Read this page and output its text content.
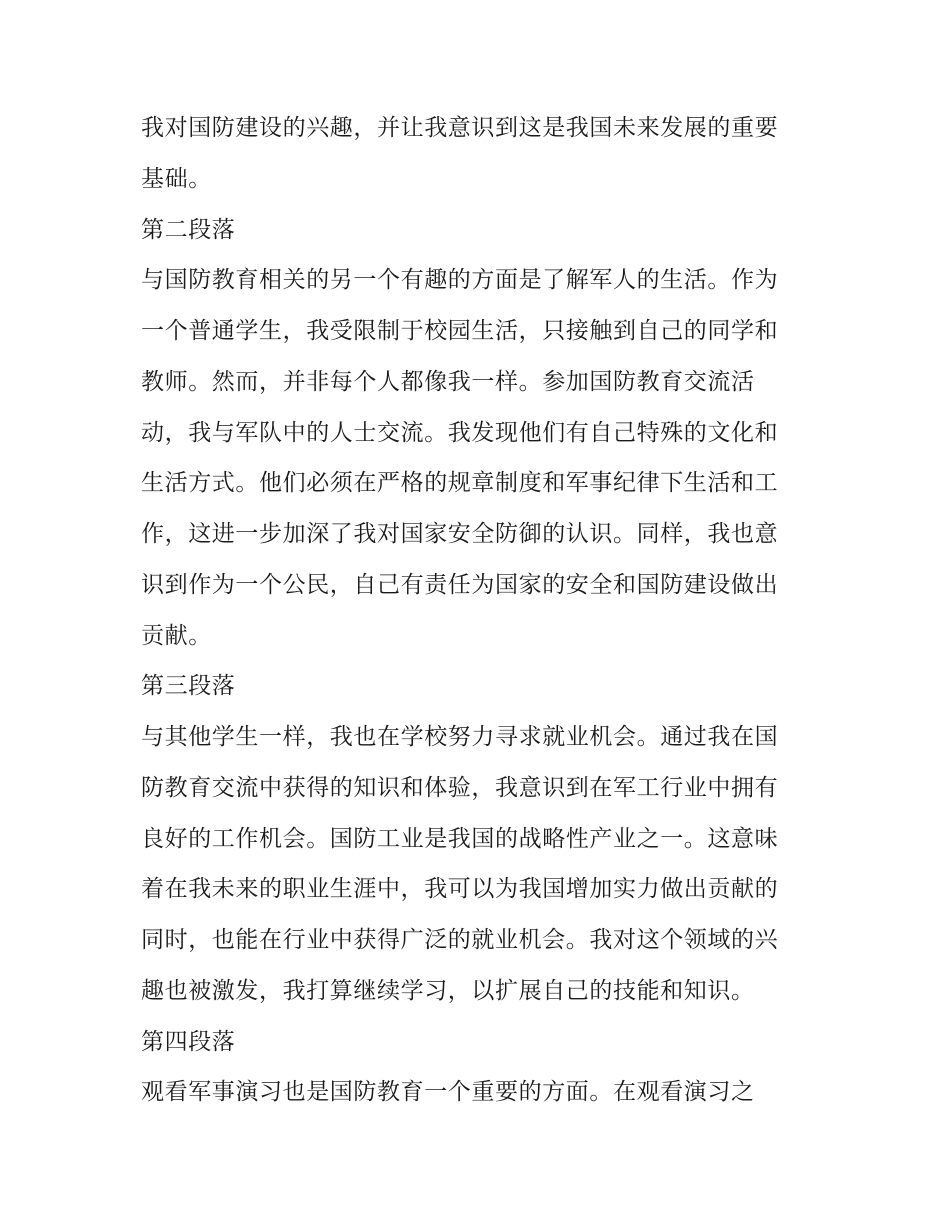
我对国防建设的兴趣，并让我意识到这是我国未来发展的重要
基础。
第二段落
与国防教育相关的另一个有趣的方面是了解军人的生活。作为
一个普通学生，我受限制于校园生活，只接触到自己的同学和
教师。然而，并非每个人都像我一样。参加国防教育交流活
动，我与军队中的人士交流。我发现他们有自己特殊的文化和
生活方式。他们必须在严格的规章制度和军事纪律下生活和工
作，这进一步加深了我对国家安全防御的认识。同样，我也意
识到作为一个公民，自己有责任为国家的安全和国防建设做出
贡献。
第三段落
与其他学生一样，我也在学校努力寻求就业机会。通过我在国
防教育交流中获得的知识和体验，我意识到在军工行业中拥有
良好的工作机会。国防工业是我国的战略性产业之一。这意味
着在我未来的职业生涯中，我可以为我国增加实力做出贡献的
同时，也能在行业中获得广泛的就业机会。我对这个领域的兴
趣也被激发，我打算继续学习，以扩展自己的技能和知识。
第四段落
观看军事演习也是国防教育一个重要的方面。在观看演习之
